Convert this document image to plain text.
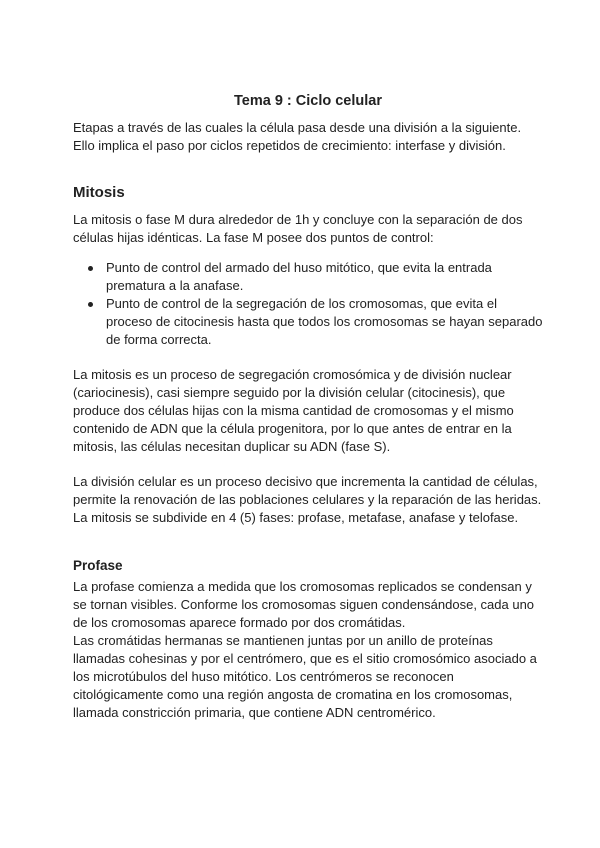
Tema 9 : Ciclo celular

Etapas a través de las cuales la célula pasa desde una división a la siguiente. Ello implica el paso por ciclos repetidos de crecimiento: interfase y división.

Mitosis

La mitosis o fase M dura alrededor de 1h y concluye con la separación de dos células hijas idénticas. La fase M posee dos puntos de control:

Punto de control del armado del huso mitótico, que evita la entrada prematura a la anafase.
Punto de control de la segregación de los cromosomas, que evita el proceso de citocinesis hasta que todos los cromosomas se hayan separado de forma correcta.

La mitosis es un proceso de segregación cromosómica y de división nuclear (cariocinesis), casi siempre seguido por la división celular (citocinesis), que produce dos células hijas con la misma cantidad de cromosomas y el mismo contenido de ADN que la célula progenitora, por lo que antes de entrar en la mitosis, las células necesitan duplicar su ADN (fase S).

La división celular es un proceso decisivo que incrementa la cantidad de células, permite la renovación de las poblaciones celulares y la reparación de las heridas. La mitosis se subdivide en 4 (5) fases: profase, metafase, anafase y telofase.

Profase

La profase comienza a medida que los cromosomas replicados se condensan y se tornan visibles. Conforme los cromosomas siguen condensándose, cada uno de los cromosomas aparece formado por dos cromátidas.

Las cromátidas hermanas se mantienen juntas por un anillo de proteínas llamadas cohesinas y por el centrómero, que es el sitio cromosómico asociado a los microtúbulos del huso mitótico. Los centrómeros se reconocen citológicamente como una región angosta de cromatina en los cromosomas, llamada constricción primaria, que contiene ADN centromérico.
